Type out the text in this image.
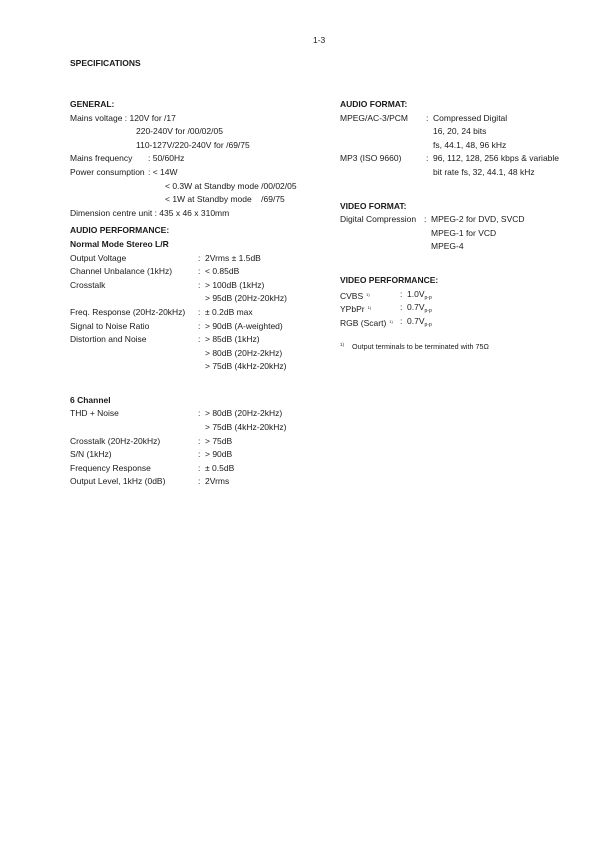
1-3
SPECIFICATIONS
GENERAL:
Mains voltage :
120V for /17
220-240V for /00/02/05
110-127V/220-240V for /69/75
Mains frequency	: 50/60Hz
Power consumption : < 14W
< 0.3W at Standby mode /00/02/05
< 1W at Standby mode    /69/75
Dimension centre unit : 435 x 46 x 310mm
AUDIO PERFORMANCE:
Normal Mode Stereo L/R
Output Voltage	: 2Vrms ± 1.5dB
Channel Unbalance (1kHz)	: < 0.85dB
Crosstalk	: > 100dB (1kHz)
> 95dB (20Hz-20kHz)
Freq. Response (20Hz-20kHz)	: ± 0.2dB max
Signal to Noise Ratio	: > 90dB (A-weighted)
Distortion and Noise	: > 85dB (1kHz)
> 80dB (20Hz-2kHz)
> 75dB (4kHz-20kHz)
6 Channel
THD + Noise	: > 80dB (20Hz-2kHz)
> 75dB (4kHz-20kHz)
Crosstalk (20Hz-20kHz)	: > 75dB
S/N (1kHz)	: > 90dB
Frequency Response	: ± 0.5dB
Output Level, 1kHz (0dB)	: 2Vrms
AUDIO FORMAT:
MPEG/AC-3/PCM	: Compressed Digital
16, 20, 24 bits
fs, 44.1, 48, 96 kHz
MP3 (ISO 9660)	: 96, 112, 128, 256 kbps & variable
bit rate fs, 32, 44.1, 48 kHz
VIDEO FORMAT:
Digital Compression : MPEG-2 for DVD, SVCD
MPEG-1 for VCD
MPEG-4
VIDEO PERFORMANCE:
CVBS $^{1)}$	: $1.0V_{p-p}$
YPbPr $^{1)}$	: $0.7V_{p-p}$
RGB (Scart) $^{1)}$ : $0.7V_{p-p}$
1)	Output terminals to be terminated with 75Ω
